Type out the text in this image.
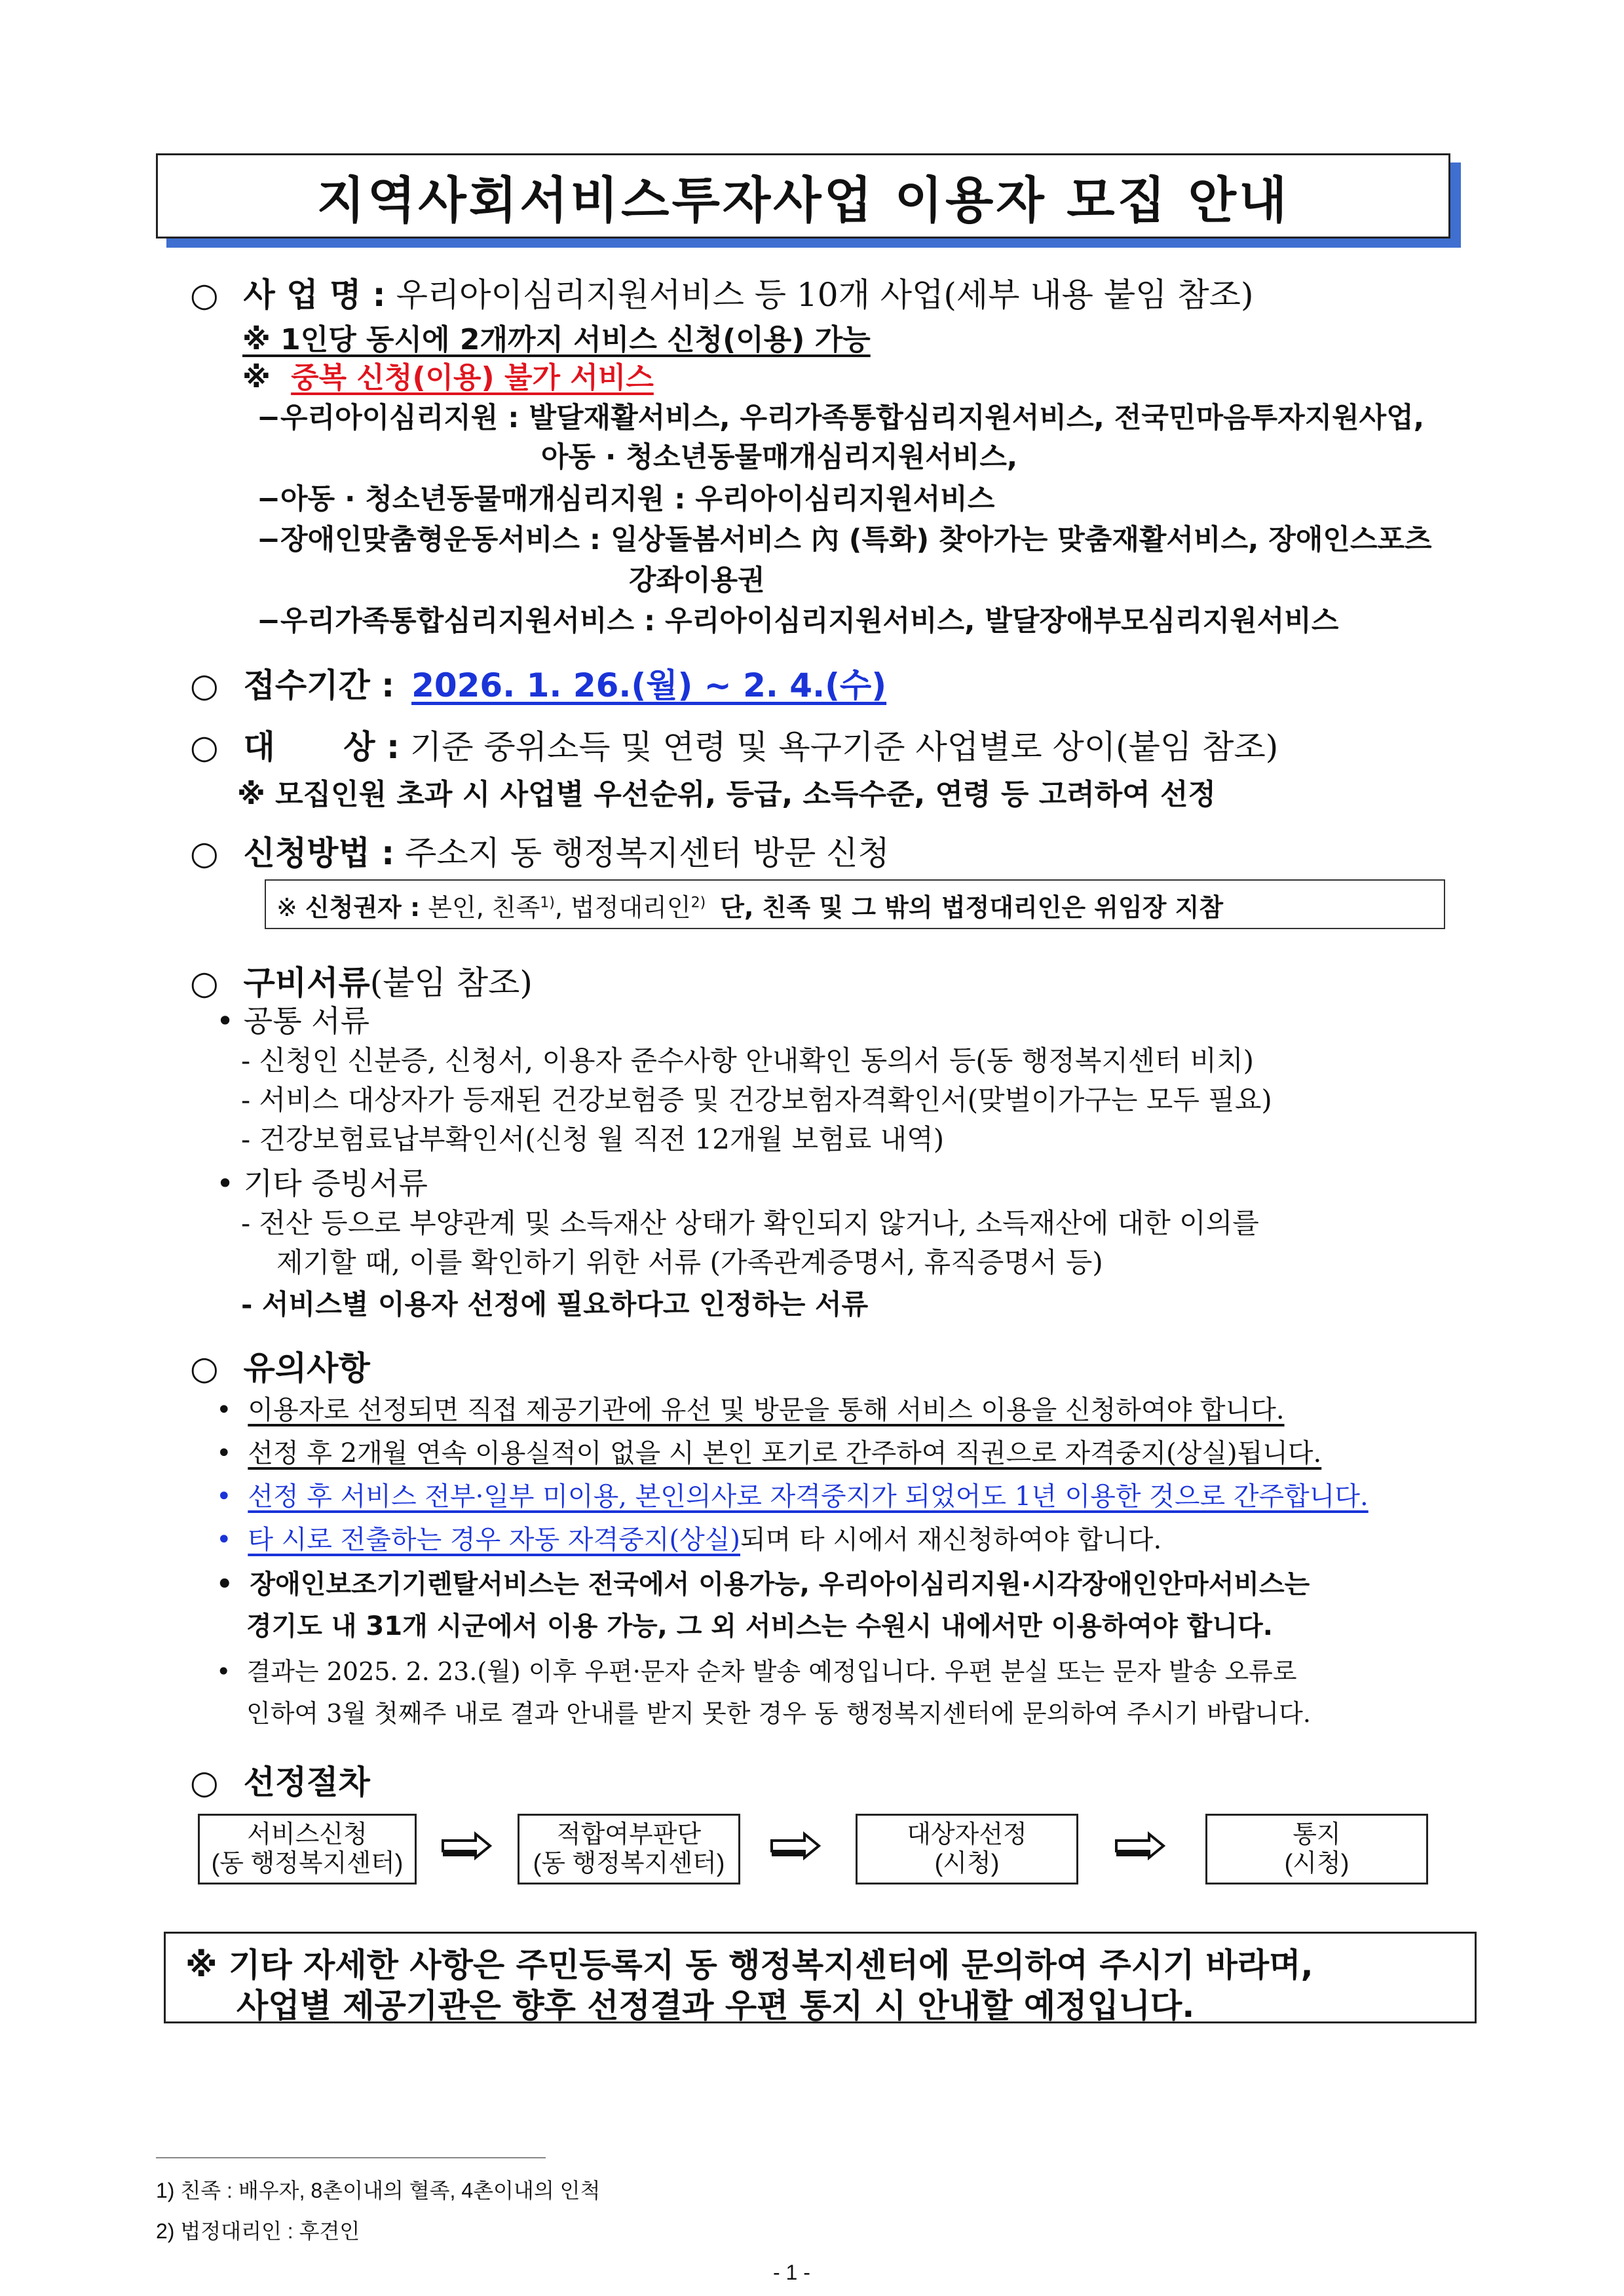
지역사회서비스투자사업 이용자 모집 안내
○ 사 업 명 : 우리아이심리지원서비스 등 10개 사업(세부 내용 붙임 참조)
※ 1인당 동시에 2개까지 서비스 신청(이용) 가능
※ 중복 신청(이용) 불가 서비스
−우리아이심리지원 : 발달재활서비스, 우리가족통합심리지원서비스, 전국민마음투자지원사업,
아동 · 청소년동물매개심리지원서비스,
−아동 · 청소년동물매개심리지원 : 우리아이심리지원서비스
−장애인맞춤형운동서비스 : 일상돌봄서비스 內 (특화) 찾아가는 맞춤재활서비스, 장애인스포츠
강좌이용권
−우리가족통합심리지원서비스 : 우리아이심리지원서비스, 발달장애부모심리지원서비스
○ 접수기간 : 2026. 1. 26.(월) ~ 2. 4.(수)
○ 대      상 : 기준 중위소득 및 연령 및 욕구기준 사업별로 상이(붙임 참조)
※ 모집인원 초과 시 사업별 우선순위, 등급, 소득수준, 연령 등 고려하여 선정
○ 신청방법 : 주소지 동 행정복지센터 방문 신청
※ 신청권자 : 본인, 친족$^{1)}$, 법정대리인$^{2)}$ 단, 친족 및 그 밖의 법정대리인은 위임장 지참
○ 구비서류(붙임 참조)
• 공통 서류
- 신청인 신분증, 신청서, 이용자 준수사항 안내확인 동의서 등(동 행정복지센터 비치)
- 서비스 대상자가 등재된 건강보험증 및 건강보험자격확인서(맞벌이가구는 모두 필요)
- 건강보험료납부확인서(신청 월 직전 12개월 보험료 내역)
• 기타 증빙서류
- 전산 등으로 부양관계 및 소득재산 상태가 확인되지 않거나, 소득재산에 대한 이의를
제기할 때, 이를 확인하기 위한 서류 (가족관계증명서, 휴직증명서 등)
- 서비스별 이용자 선정에 필요하다고 인정하는 서류
○ 유의사항
• 이용자로 선정되면 직접 제공기관에 유선 및 방문을 통해 서비스 이용을 신청하여야 합니다.
• 선정 후 2개월 연속 이용실적이 없을 시 본인 포기로 간주하여 직권으로 자격중지(상실)됩니다.
• 선정 후 서비스 전부·일부 미이용, 본인의사로 자격중지가 되었어도 1년 이용한 것으로 간주합니다.
• 타 시로 전출하는 경우 자동 자격중지(상실)되며 타 시에서 재신청하여야 합니다.
• 장애인보조기기렌탈서비스는 전국에서 이용가능, 우리아이심리지원·시각장애인안마서비스는
경기도 내 31개 시군에서 이용 가능, 그 외 서비스는 수원시 내에서만 이용하여야 합니다.
• 결과는 2025. 2. 23.(월) 이후 우편·문자 순차 발송 예정입니다. 우편 분실 또는 문자 발송 오류로
인하여 3월 첫째주 내로 결과 안내를 받지 못한 경우 동 행정복지센터에 문의하여 주시기 바랍니다.
○ 선정절차
서비스신청
(동 행정복지센터)
적합여부판단
(동 행정복지센터)
대상자선정
(시청)
통지
(시청)
※ 기타 자세한 사항은 주민등록지 동 행정복지센터에 문의하여 주시기 바라며,
사업별 제공기관은 향후 선정결과 우편 통지 시 안내할 예정입니다.
1) 친족 : 배우자, 8촌이내의 혈족, 4촌이내의 인척
2) 법정대리인 : 후견인
- 1 -
